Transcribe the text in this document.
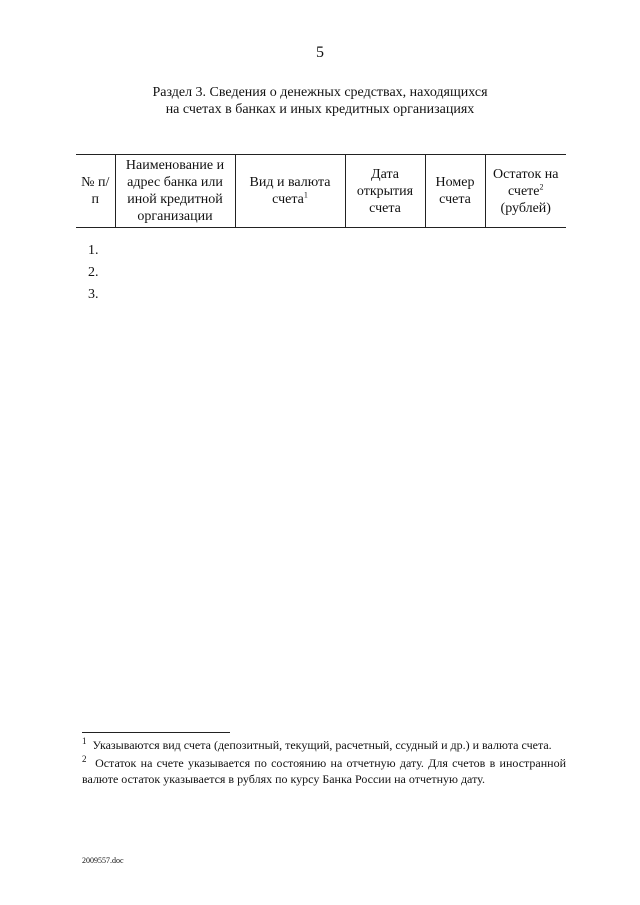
5
Раздел 3. Сведения о денежных средствах, находящихся
на счетах в банках и иных кредитных организациях
№ п/п	Наименование и адрес банка или иной кредитной организации	Вид и валюта счета$^1$	Дата открытия счета	Номер счета	Остаток на счете$^2$
(рублей)
1.
2.
3.

$^1$ Указываются вид счета (депозитный, текущий, расчетный, ссудный и др.) и валюта счета.

$^2$ Остаток на счете указывается по состоянию на отчетную дату. Для счетов в иностранной валюте остаток указывается в рублях по курсу Банка России на отчетную дату.

2009557.doc
